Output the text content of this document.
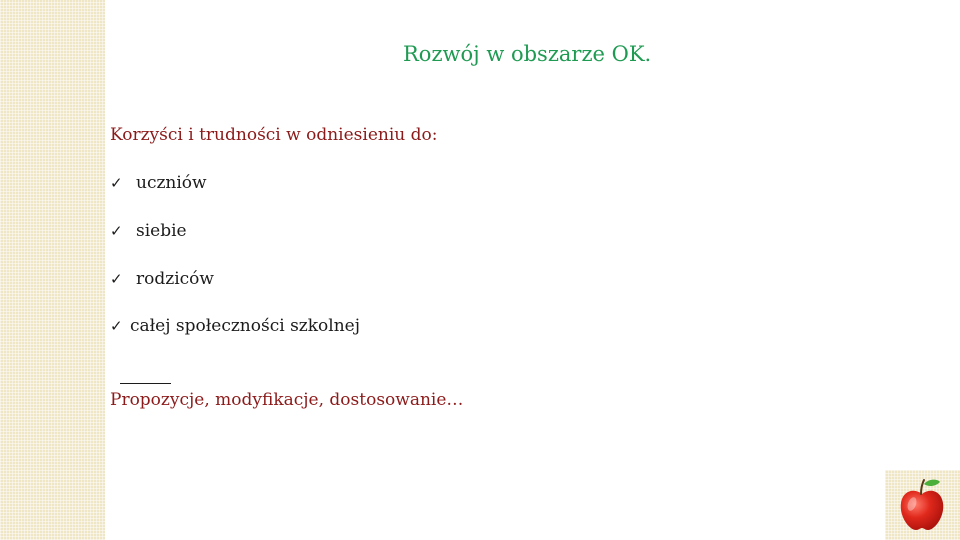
Rozwój w obszarze OK.
Korzyści i trudności w odniesieniu do:
✓ uczniów
✓ siebie
✓ rodziców
✓ całej społeczności szkolnej
Propozycje, modyfikacje, dostosowanie…
